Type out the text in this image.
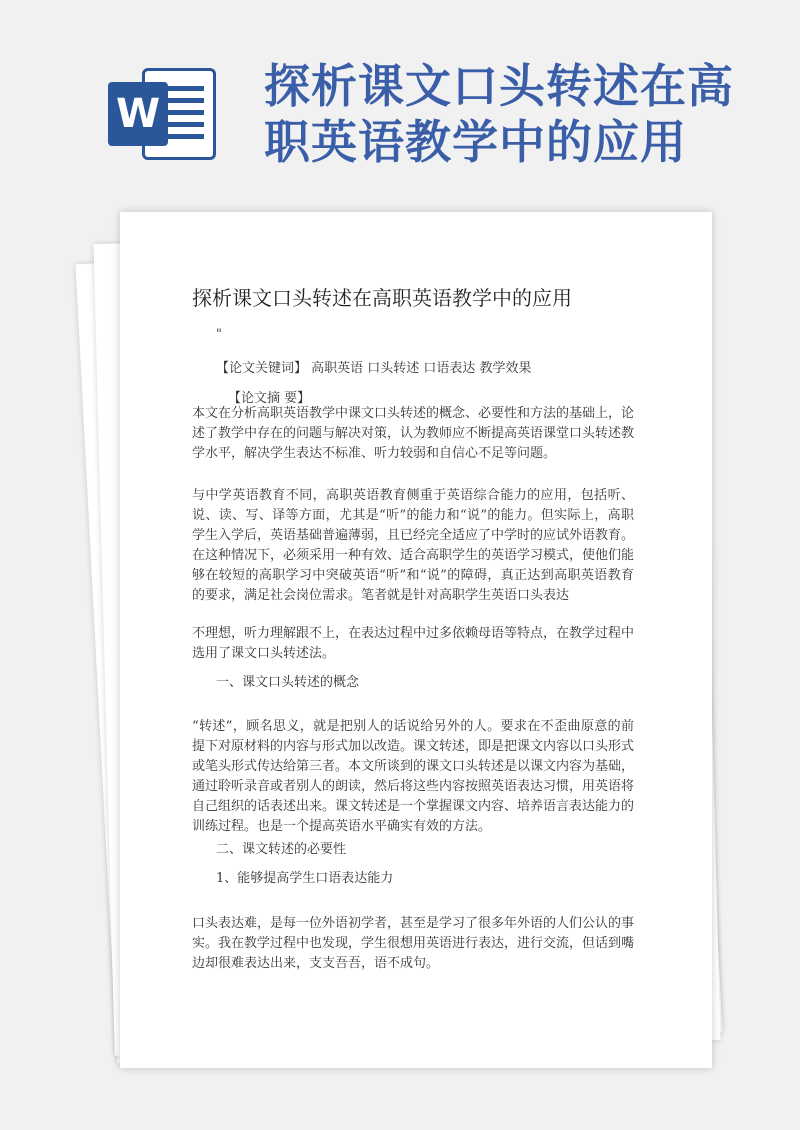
W
探析课文口头转述在高职英语教学中的应用
探析课文口头转述在高职英语教学中的应用
"
【论文关键词】 高职英语 口头转述 口语表达 教学效果
【论文摘 要】

本文在分析高职英语教学中课文口头转述的概念、必要性和方法的基础上，论述了教学中存在的问题与解决对策，认为教师应不断提高英语课堂口头转述教学水平，解决学生表达不标准、听力较弱和自信心不足等问题。

与中学英语教育不同，高职英语教育侧重于英语综合能力的应用，包括听、说、读、写、译等方面，尤其是“听”的能力和“说”的能力。但实际上，高职学生入学后，英语基础普遍薄弱，且已经完全适应了中学时的应试外语教育。在这种情况下，必须采用一种有效、适合高职学生的英语学习模式，使他们能够在较短的高职学习中突破英语“听”和“说”的障碍，真正达到高职英语教育的要求，满足社会岗位需求。笔者就是针对高职学生英语口头表达

不理想，听力理解跟不上，在表达过程中过多依赖母语等特点，在教学过程中选用了课文口头转述法。

一、课文口头转述的概念

“转述”，顾名思义，就是把别人的话说给另外的人。要求在不歪曲原意的前提下对原材料的内容与形式加以改造。课文转述，即是把课文内容以口头形式或笔头形式传达给第三者。本文所谈到的课文口头转述是以课文内容为基础，通过聆听录音或者别人的朗读，然后将这些内容按照英语表达习惯，用英语将自己组织的话表述出来。课文转述是一个掌握课文内容、培养语言表达能力的训练过程。也是一个提高英语水平确实有效的方法。

二、课文转述的必要性
1、能够提高学生口语表达能力

口头表达难，是每一位外语初学者，甚至是学习了很多年外语的人们公认的事实。我在教学过程中也发现，学生很想用英语进行表达，进行交流，但话到嘴边却很难表达出来，支支吾吾，语不成句。
